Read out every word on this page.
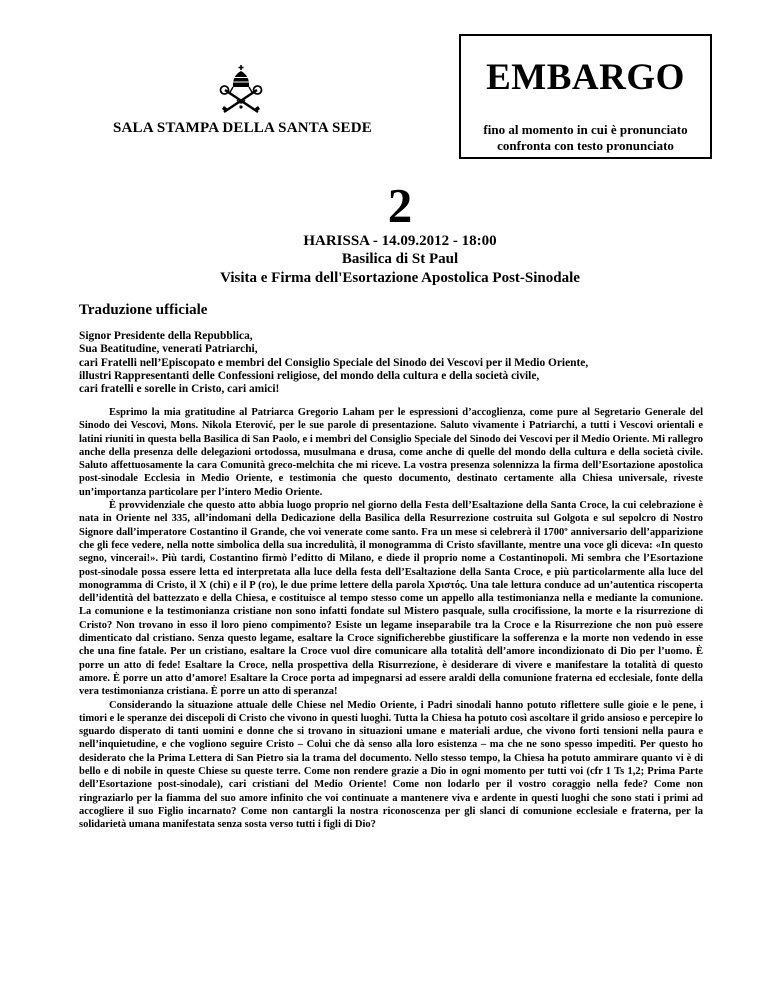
SALA STAMPA DELLA SANTA SEDE
EMBARGO
fino al momento in cui è pronunciato
confronta con testo pronunciato
2
HARISSA - 14.09.2012 - 18:00
Basilica di St Paul
Visita e Firma dell'Esortazione Apostolica Post-Sinodale
Traduzione ufficiale
Signor Presidente della Repubblica,
Sua Beatitudine, venerati Patriarchi,
cari Fratelli nell’Episcopato e membri del Consiglio Speciale del Sinodo dei Vescovi per il Medio Oriente,
illustri Rappresentanti delle Confessioni religiose, del mondo della cultura e della società civile,
cari fratelli e sorelle in Cristo, cari amici!

Esprimo la mia gratitudine al Patriarca Gregorio Laham per le espressioni d’accoglienza, come pure al Segretario Generale del Sinodo dei Vescovi, Mons. Nikola Eterović, per le sue parole di presentazione. Saluto vivamente i Patriarchi, a tutti i Vescovi orientali e latini riuniti in questa bella Basilica di San Paolo, e i membri del Consiglio Speciale del Sinodo dei Vescovi per il Medio Oriente. Mi rallegro anche della presenza delle delegazioni ortodossa, musulmana e drusa, come anche di quelle del mondo della cultura e della società civile. Saluto affettuosamente la cara Comunità greco-melchita che mi riceve. La vostra presenza solennizza la firma dell’Esortazione apostolica post-sinodale Ecclesia in Medio Oriente, e testimonia che questo documento, destinato certamente alla Chiesa universale, riveste un’importanza particolare per l’intero Medio Oriente.

È provvidenziale che questo atto abbia luogo proprio nel giorno della Festa dell’Esaltazione della Santa Croce, la cui celebrazione è nata in Oriente nel 335, all’indomani della Dedicazione della Basilica della Resurrezione costruita sul Golgota e sul sepolcro di Nostro Signore dall’imperatore Costantino il Grande, che voi venerate come santo. Fra un mese si celebrerà il 1700º anniversario dell’apparizione che gli fece vedere, nella notte simbolica della sua incredulità, il monogramma di Cristo sfavillante, mentre una voce gli diceva: «In questo segno, vincerai!». Più tardi, Costantino firmò l’editto di Milano, e diede il proprio nome a Costantinopoli. Mi sembra che l’Esortazione post-sinodale possa essere letta ed interpretata alla luce della festa dell’Esaltazione della Santa Croce, e più particolarmente alla luce del monogramma di Cristo, il X (chi) e il P (ro), le due prime lettere della parola Χριστός. Una tale lettura conduce ad un’autentica riscoperta dell’identità del battezzato e della Chiesa, e costituisce al tempo stesso come un appello alla testimonianza nella e mediante la comunione. La comunione e la testimonianza cristiane non sono infatti fondate sul Mistero pasquale, sulla crocifissione, la morte e la risurrezione di Cristo? Non trovano in esso il loro pieno compimento? Esiste un legame inseparabile tra la Croce e la Risurrezione che non può essere dimenticato dal cristiano. Senza questo legame, esaltare la Croce significherebbe giustificare la sofferenza e la morte non vedendo in esse che una fine fatale. Per un cristiano, esaltare la Croce vuol dire comunicare alla totalità dell’amore incondizionato di Dio per l’uomo. È porre un atto di fede! Esaltare la Croce, nella prospettiva della Risurrezione, è desiderare di vivere e manifestare la totalità di questo amore. È porre un atto d’amore! Esaltare la Croce porta ad impegnarsi ad essere araldi della comunione fraterna ed ecclesiale, fonte della vera testimonianza cristiana. È porre un atto di speranza!

Considerando la situazione attuale delle Chiese nel Medio Oriente, i Padri sinodali hanno potuto riflettere sulle gioie e le pene, i timori e le speranze dei discepoli di Cristo che vivono in questi luoghi. Tutta la Chiesa ha potuto così ascoltare il grido ansioso e percepire lo sguardo disperato di tanti uomini e donne che si trovano in situazioni umane e materiali ardue, che vivono forti tensioni nella paura e nell’inquietudine, e che vogliono seguire Cristo – Colui che dà senso alla loro esistenza – ma che ne sono spesso impediti. Per questo ho desiderato che la Prima Lettera di San Pietro sia la trama del documento. Nello stesso tempo, la Chiesa ha potuto ammirare quanto vi è di bello e di nobile in queste Chiese su queste terre. Come non rendere grazie a Dio in ogni momento per tutti voi (cfr 1 Ts 1,2; Prima Parte dell’Esortazione post-sinodale), cari cristiani del Medio Oriente! Come non lodarlo per il vostro coraggio nella fede? Come non ringraziarlo per la fiamma del suo amore infinito che voi continuate a mantenere viva e ardente in questi luoghi che sono stati i primi ad accogliere il suo Figlio incarnato? Come non cantargli la nostra riconoscenza per gli slanci di comunione ecclesiale e fraterna, per la solidarietà umana manifestata senza sosta verso tutti i figli di Dio?
